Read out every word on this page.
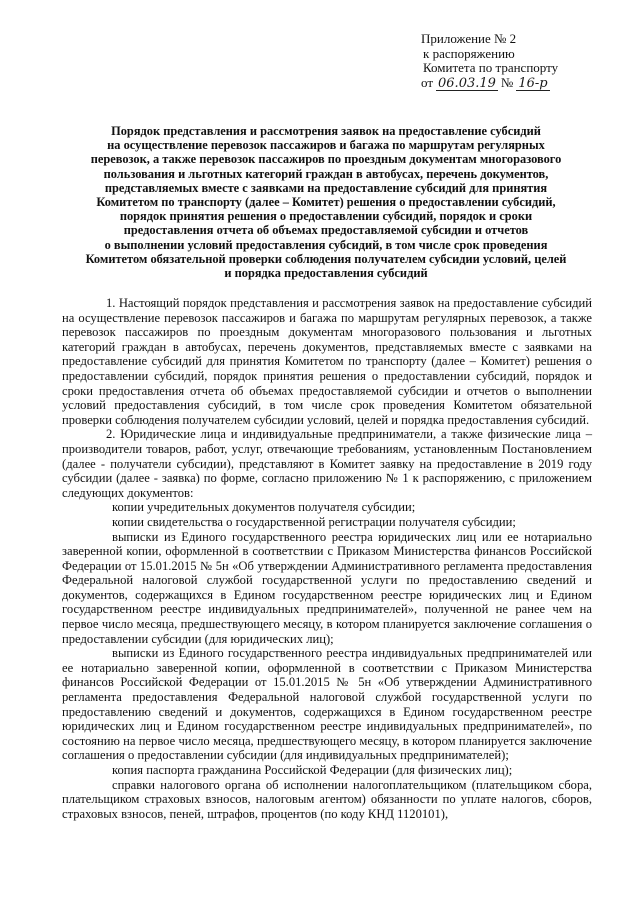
Приложение № 2
к распоряжению
Комитета по транспорту
от 06.03.19 № 16-р
Порядок представления и рассмотрения заявок на предоставление субсидий
на осуществление перевозок пассажиров и багажа по маршрутам регулярных
перевозок, а также перевозок пассажиров по проездным документам многоразового
пользования и льготных категорий граждан в автобусах, перечень документов,
представляемых вместе с заявками на предоставление субсидий для принятия
Комитетом по транспорту (далее – Комитет) решения о предоставлении субсидий,
порядок принятия решения о предоставлении субсидий, порядок и сроки
предоставления отчета об объемах предоставляемой субсидии и отчетов
о выполнении условий предоставления субсидий, в том числе срок проведения
Комитетом обязательной проверки соблюдения получателем субсидии условий, целей
и порядка предоставления субсидий

1. Настоящий порядок представления и рассмотрения заявок на предоставление субсидий на осуществление перевозок пассажиров и багажа по маршрутам регулярных перевозок, а также перевозок пассажиров по проездным документам многоразового пользования и льготных категорий граждан в автобусах, перечень документов, представляемых вместе с заявками на предоставление субсидий для принятия Комитетом по транспорту (далее – Комитет) решения о предоставлении субсидий, порядок принятия решения о предоставлении субсидий, порядок и сроки предоставления отчета об объемах предоставляемой субсидии и отчетов о выполнении условий предоставления субсидий, в том числе срок проведения Комитетом обязательной проверки соблюдения получателем субсидии условий, целей и порядка предоставления субсидий.

2. Юридические лица и индивидуальные предприниматели, а также физические лица – производители товаров, работ, услуг, отвечающие требованиям, установленным Постановлением (далее - получатели субсидии), представляют в Комитет заявку на предоставление в 2019 году субсидии (далее - заявка) по форме, согласно приложению № 1 к распоряжению, с приложением следующих документов:

копии учредительных документов получателя субсидии;

копии свидетельства о государственной регистрации получателя субсидии;

выписки из Единого государственного реестра юридических лиц или ее нотариально заверенной копии, оформленной в соответствии с Приказом Министерства финансов Российской Федерации от 15.01.2015 № 5н «Об утверждении Административного регламента предоставления Федеральной налоговой службой государственной услуги по предоставлению сведений и документов, содержащихся в Едином государственном реестре юридических лиц и Едином государственном реестре индивидуальных предпринимателей», полученной не ранее чем на первое число месяца, предшествующего месяцу, в котором планируется заключение соглашения о предоставлении субсидии (для юридических лиц);

выписки из Единого государственного реестра индивидуальных предпринимателей или ее нотариально заверенной копии, оформленной в соответствии с Приказом Министерства финансов Российской Федерации от 15.01.2015 № 5н «Об утверждении Административного регламента предоставления Федеральной налоговой службой государственной услуги по предоставлению сведений и документов, содержащихся в Едином государственном реестре юридических лиц и Едином государственном реестре индивидуальных предпринимателей», по состоянию на первое число месяца, предшествующего месяцу, в котором планируется заключение соглашения о предоставлении субсидии (для индивидуальных предпринимателей);

копия паспорта гражданина Российской Федерации (для физических лиц);

справки налогового органа об исполнении налогоплательщиком (плательщиком сбора, плательщиком страховых взносов, налоговым агентом) обязанности по уплате налогов, сборов, страховых взносов, пеней, штрафов, процентов (по коду КНД 1120101),
